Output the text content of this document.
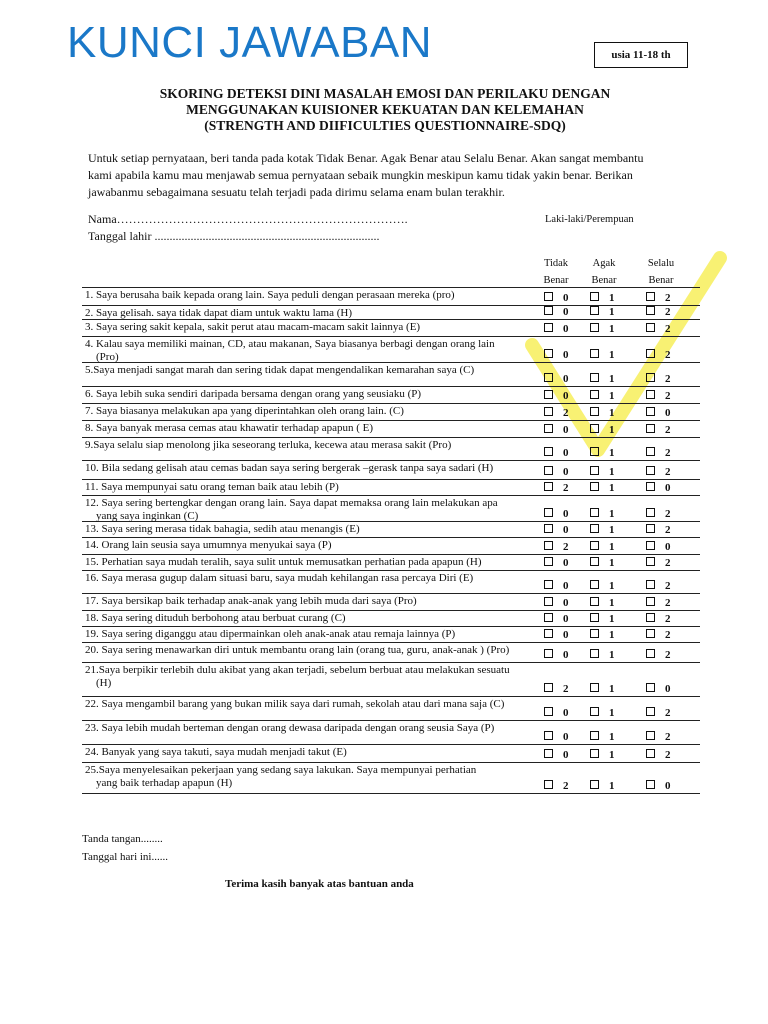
KUNCI JAWABAN	usia 11-18 th
SKORING DETEKSI DINI MASALAH EMOSI DAN PERILAKU DENGAN
MENGGUNAKAN KUISIONER KEKUATAN DAN KELEMAHAN
(STRENGTH AND DIIFICULTIES QUESTIONNAIRE-SDQ)
Untuk setiap pernyataan, beri tanda pada kotak Tidak Benar. Agak Benar atau Selalu Benar. Akan sangat membantu kami apabila kamu mau menjawab semua pernyataan sebaik mungkin meskipun kamu tidak yakin benar. Berikan jawabanmu sebagaimana sesuatu telah terjadi pada dirimu selama enam bulan terakhir.
Nama……………………………………………………………….	Laki-laki/Perempuan
Tanggal lahir ...........................................................................
Tidak
Benar
Agak
Benar
Selalu
Benar
1. Saya berusaha baik kepada orang lain. Saya peduli dengan perasaan mereka (pro)	0	1	2
2. Saya gelisah. saya tidak dapat diam untuk waktu lama (H)	0	1	2
3. Saya sering sakit kepala, sakit perut atau macam-macam sakit lainnya (E)	0	1	2
4. Kalau saya memiliki mainan, CD, atau makanan, Saya biasanya berbagi dengan orang lain
(Pro)	0	1	2
5.Saya menjadi sangat marah dan sering tidak dapat mengendalikan kemarahan saya (C)
0	1	2
6. Saya lebih suka sendiri daripada bersama dengan orang yang seusiaku (P)	0	1	2
7. Saya biasanya melakukan apa yang diperintahkan oleh orang lain. (C)	2	1	0
8. Saya banyak merasa cemas atau khawatir terhadap apapun ( E)	0	1	2
9.Saya selalu siap menolong jika seseorang terluka, kecewa atau merasa sakit (Pro)
0	1	2
10. Bila sedang gelisah atau cemas badan saya sering bergerak –gerask tanpa saya sadari (H)	0	1	2
11. Saya mempunyai satu orang teman baik atau lebih (P)	2	1	0
12. Saya sering bertengkar dengan orang lain. Saya dapat memaksa orang lain melakukan apa
yang saya inginkan (C)	0	1	2
13. Saya sering merasa tidak bahagia, sedih atau menangis (E)	0	1	2
14. Orang lain seusia saya umumnya menyukai saya (P)	2	1	0
15. Perhatian saya mudah teralih, saya sulit untuk memusatkan perhatian pada apapun (H)	0	1	2
16. Saya merasa gugup dalam situasi baru, saya mudah kehilangan rasa percaya Diri (E)
0	1	2
17. Saya bersikap baik terhadap anak-anak yang lebih muda dari saya (Pro)	0	1	2
18. Saya sering dituduh berbohong atau berbuat curang (C)	0	1	2
19. Saya sering diganggu atau dipermainkan oleh anak-anak atau remaja lainnya (P)	0	1	2
20. Saya sering menawarkan diri untuk membantu orang lain (orang tua, guru, anak-anak ) (Pro)	0	1	2
21.Saya berpikir terlebih dulu akibat yang akan terjadi, sebelum berbuat atau melakukan sesuatu
(H)
2	1	0
22. Saya mengambil barang yang bukan milik saya dari rumah, sekolah atau dari mana saja (C)
0	1	2
23. Saya lebih mudah berteman dengan orang dewasa daripada dengan orang seusia Saya (P)
0	1	2
24. Banyak yang saya takuti, saya mudah menjadi takut (E)	0	1	2
25.Saya menyelesaikan pekerjaan yang sedang saya lakukan. Saya mempunyai perhatian
yang baik terhadap apapun (H)	2	1	0
Tanda tangan........
Tanggal hari ini......
Terima kasih banyak atas bantuan anda
